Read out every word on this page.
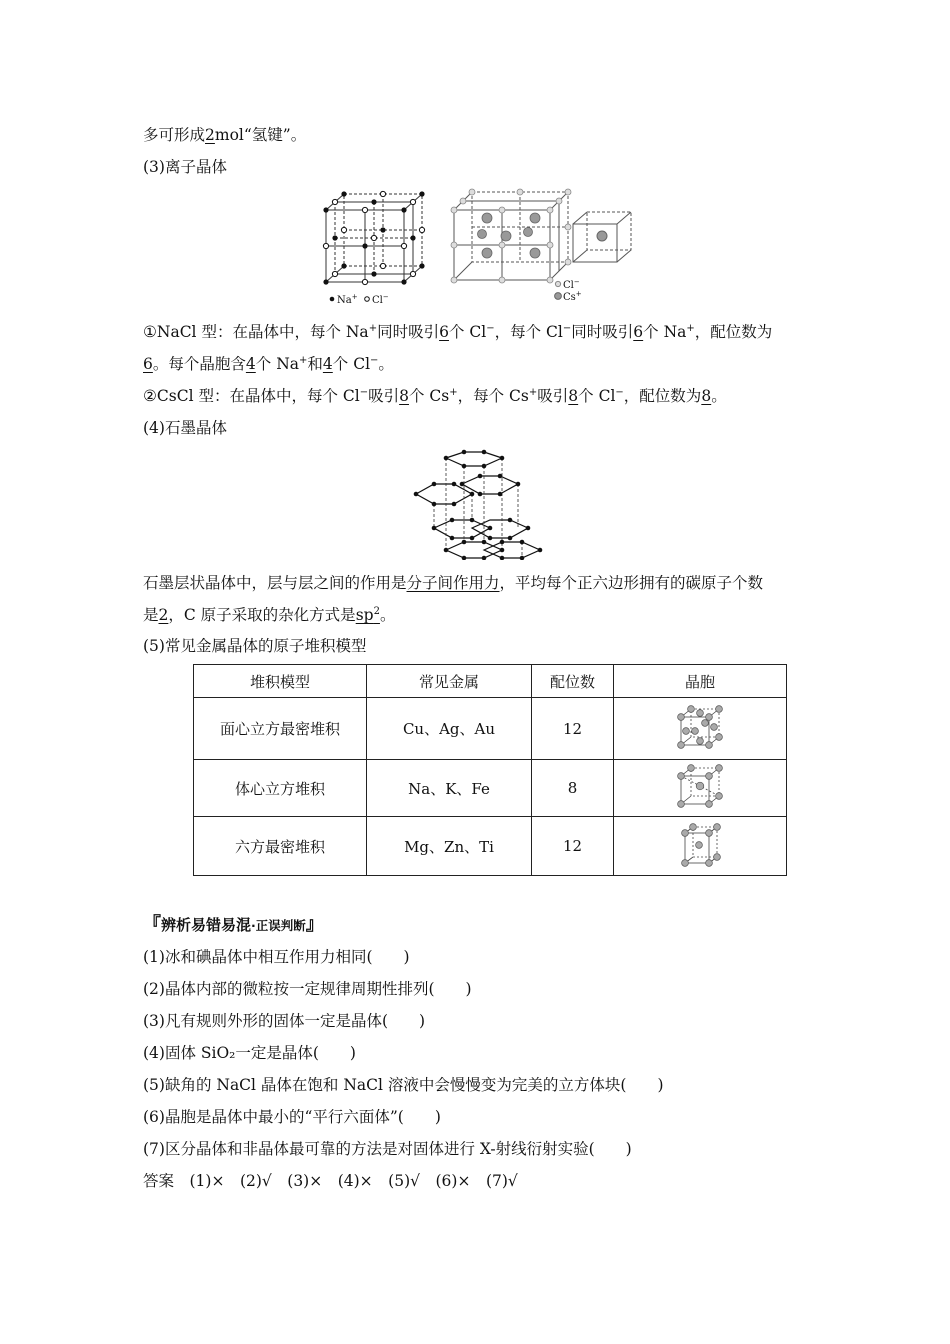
多可形成2mol“氢键”。
(3)离子晶体
Na+ Cl−
Cl−
Cs+
①NaCl 型：在晶体中，每个 Na+同时吸引6个 Cl−，每个 Cl−同时吸引6个 Na+，配位数为
6。每个晶胞含4个 Na+和4个 Cl−。
②CsCl 型：在晶体中，每个 Cl−吸引8个 Cs+，每个 Cs+吸引8个 Cl−，配位数为8。
(4)石墨晶体
石墨层状晶体中，层与层之间的作用是分子间作用力，平均每个正六边形拥有的碳原子个数
是2，C 原子采取的杂化方式是$sp^2$。
(5)常见金属晶体的原子堆积模型
堆积模型	常见金属	配位数	晶胞
面心立方最密堆积	Cu、Ag、Au	12	
体心立方堆积	Na、K、Fe	8	
六方最密堆积	Mg、Zn、Ti	12	
『辨析易错易混·正误判断』
(1)冰和碘晶体中相互作用力相同(　　)
(2)晶体内部的微粒按一定规律周期性排列(　　)
(3)凡有规则外形的固体一定是晶体(　　)
(4)固体 SiO₂一定是晶体(　　)
(5)缺角的 NaCl 晶体在饱和 NaCl 溶液中会慢慢变为完美的立方体块(　　)
(6)晶胞是晶体中最小的“平行六面体”(　　)
(7)区分晶体和非晶体最可靠的方法是对固体进行 X-射线衍射实验(　　)
答案　(1)×　(2)√　(3)×　(4)×　(5)√　(6)×　(7)√
